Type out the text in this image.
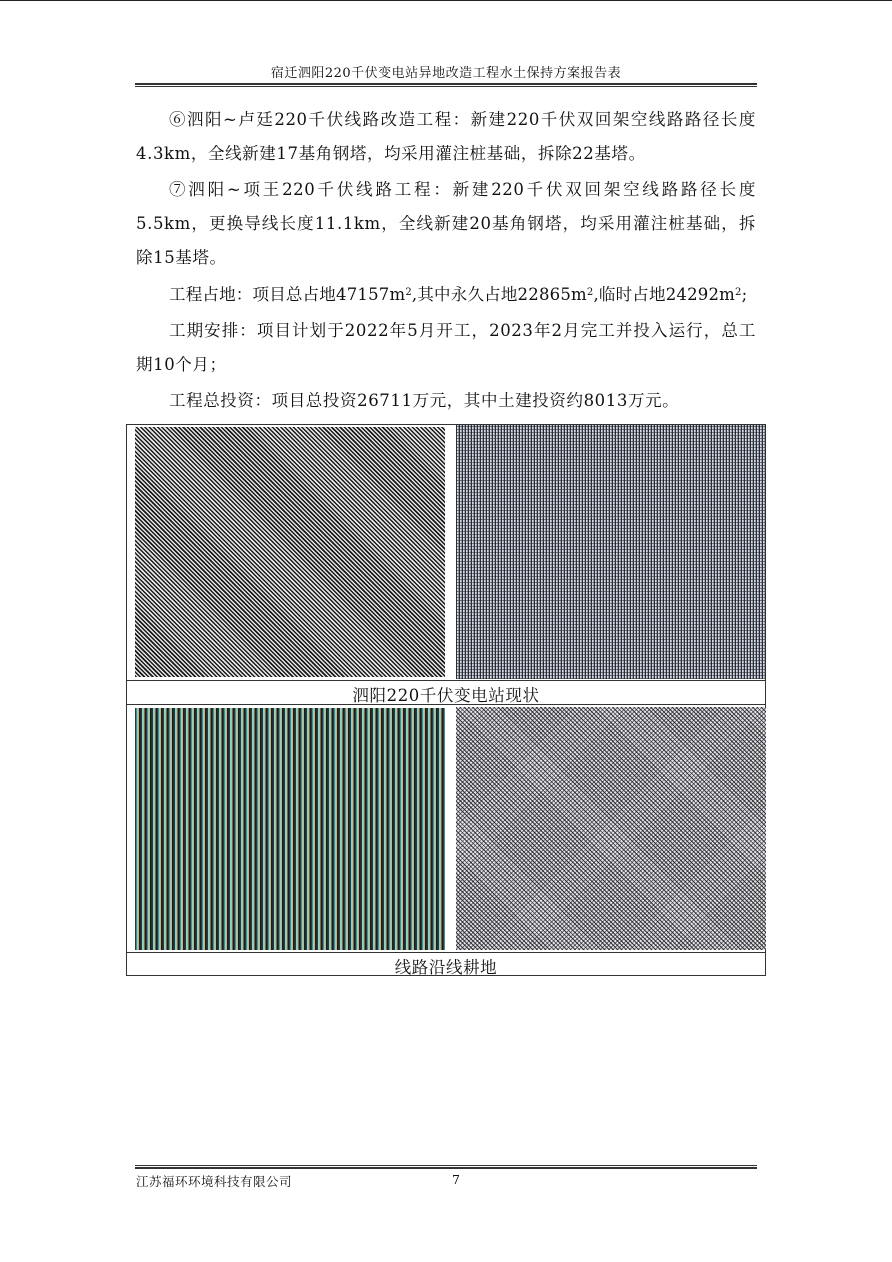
宿迁泗阳220千伏变电站异地改造工程水土保持方案报告表
⑥泗阳~卢廷220千伏线路改造工程：新建220千伏双回架空线路路径长度4.3km，全线新建17基角钢塔，均采用灌注桩基础，拆除22基塔。
⑦泗阳~项王220千伏线路工程：新建220千伏双回架空线路路径长度5.5km，更换导线长度11.1km，全线新建20基角钢塔，均采用灌注桩基础，拆除15基塔。
工程占地：项目总占地$47157m^2$,其中永久占地$22865m^2$,临时占地$24292m^2$;
工期安排：项目计划于2022年5月开工，2023年2月完工并投入运行，总工期10个月；
工程总投资：项目总投资26711万元，其中土建投资约8013万元。
泗阳220千伏变电站现状
线路沿线耕地
江苏福环环境科技有限公司	7
